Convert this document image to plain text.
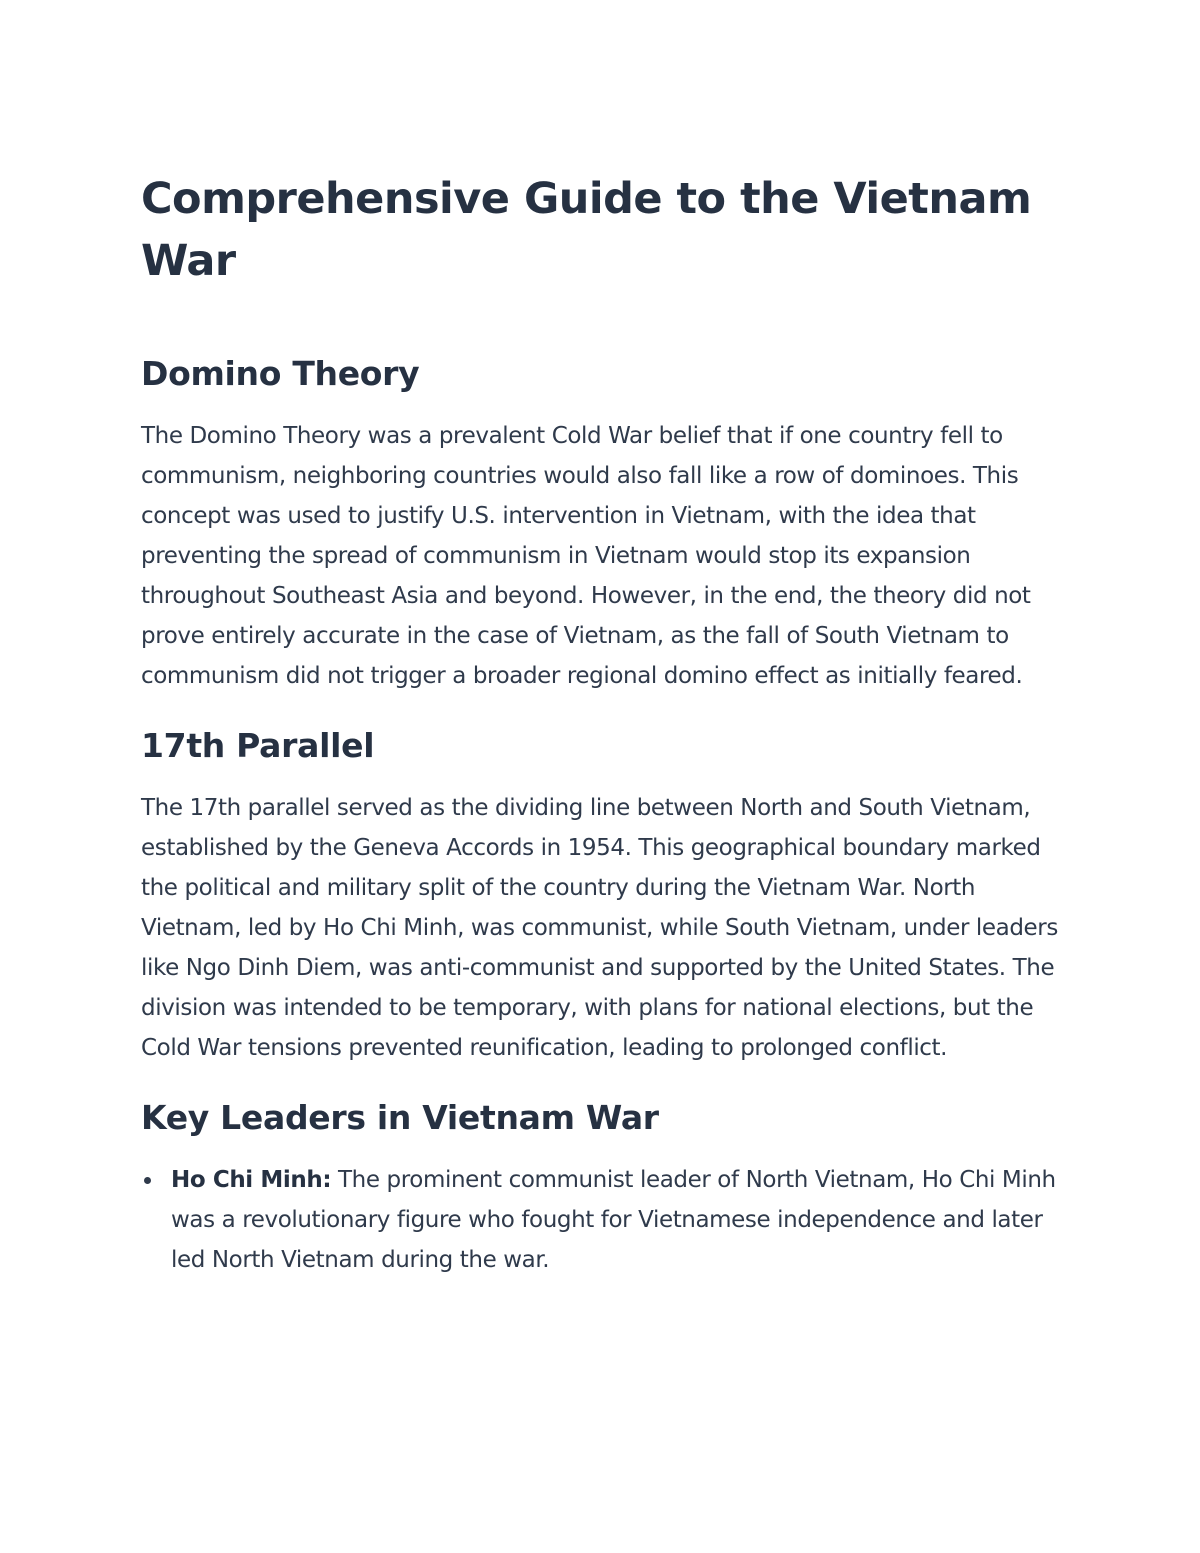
Comprehensive Guide to the Vietnam War
Domino Theory

The Domino Theory was a prevalent Cold War belief that if one country fell to communism, neighboring countries would also fall like a row of dominoes. This concept was used to justify U.S. intervention in Vietnam, with the idea that preventing the spread of communism in Vietnam would stop its expansion throughout Southeast Asia and beyond. However, in the end, the theory did not prove entirely accurate in the case of Vietnam, as the fall of South Vietnam to communism did not trigger a broader regional domino effect as initially feared.

17th Parallel

The 17th parallel served as the dividing line between North and South Vietnam, established by the Geneva Accords in 1954. This geographical boundary marked the political and military split of the country during the Vietnam War. North Vietnam, led by Ho Chi Minh, was communist, while South Vietnam, under leaders like Ngo Dinh Diem, was anti-communist and supported by the United States. The division was intended to be temporary, with plans for national elections, but the Cold War tensions prevented reunification, leading to prolonged conflict.

Key Leaders in Vietnam War
Ho Chi Minh: The prominent communist leader of North Vietnam, Ho Chi Minh was a revolutionary figure who fought for Vietnamese independence and later led North Vietnam during the war.
